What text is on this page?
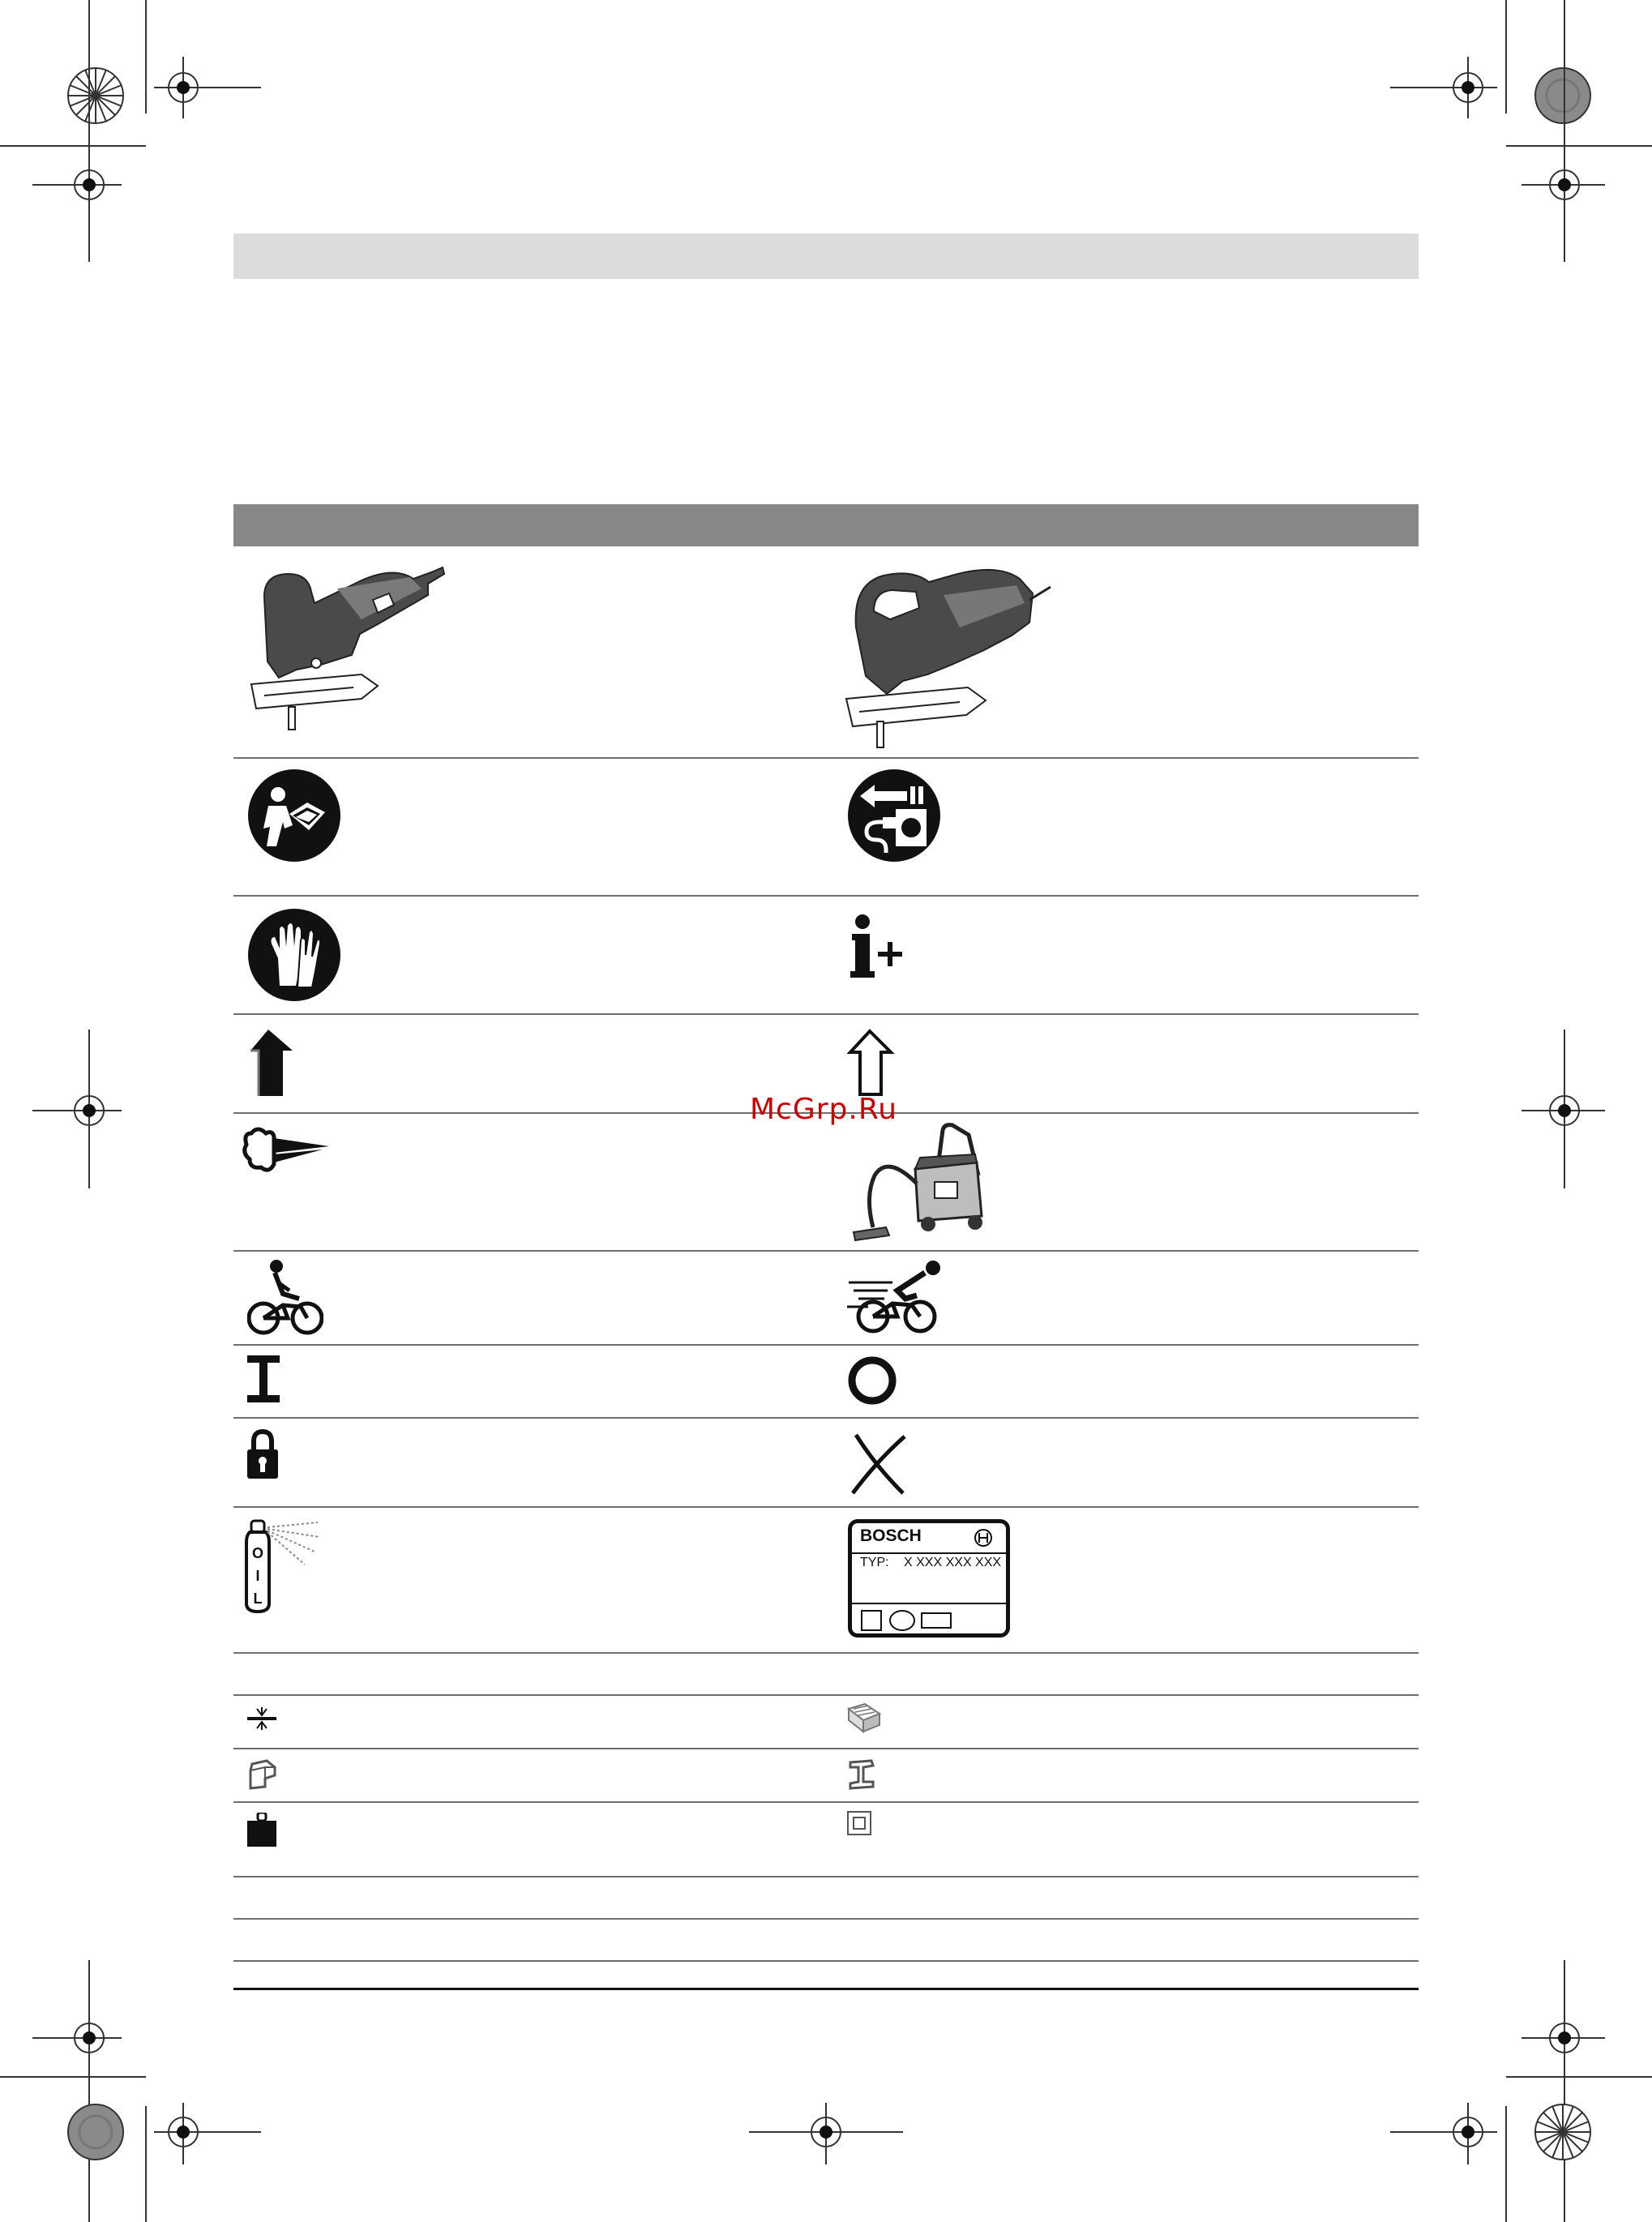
O
I
L
BOSCH
TYP: X XXX XXX XXX
McGrp.Ru
